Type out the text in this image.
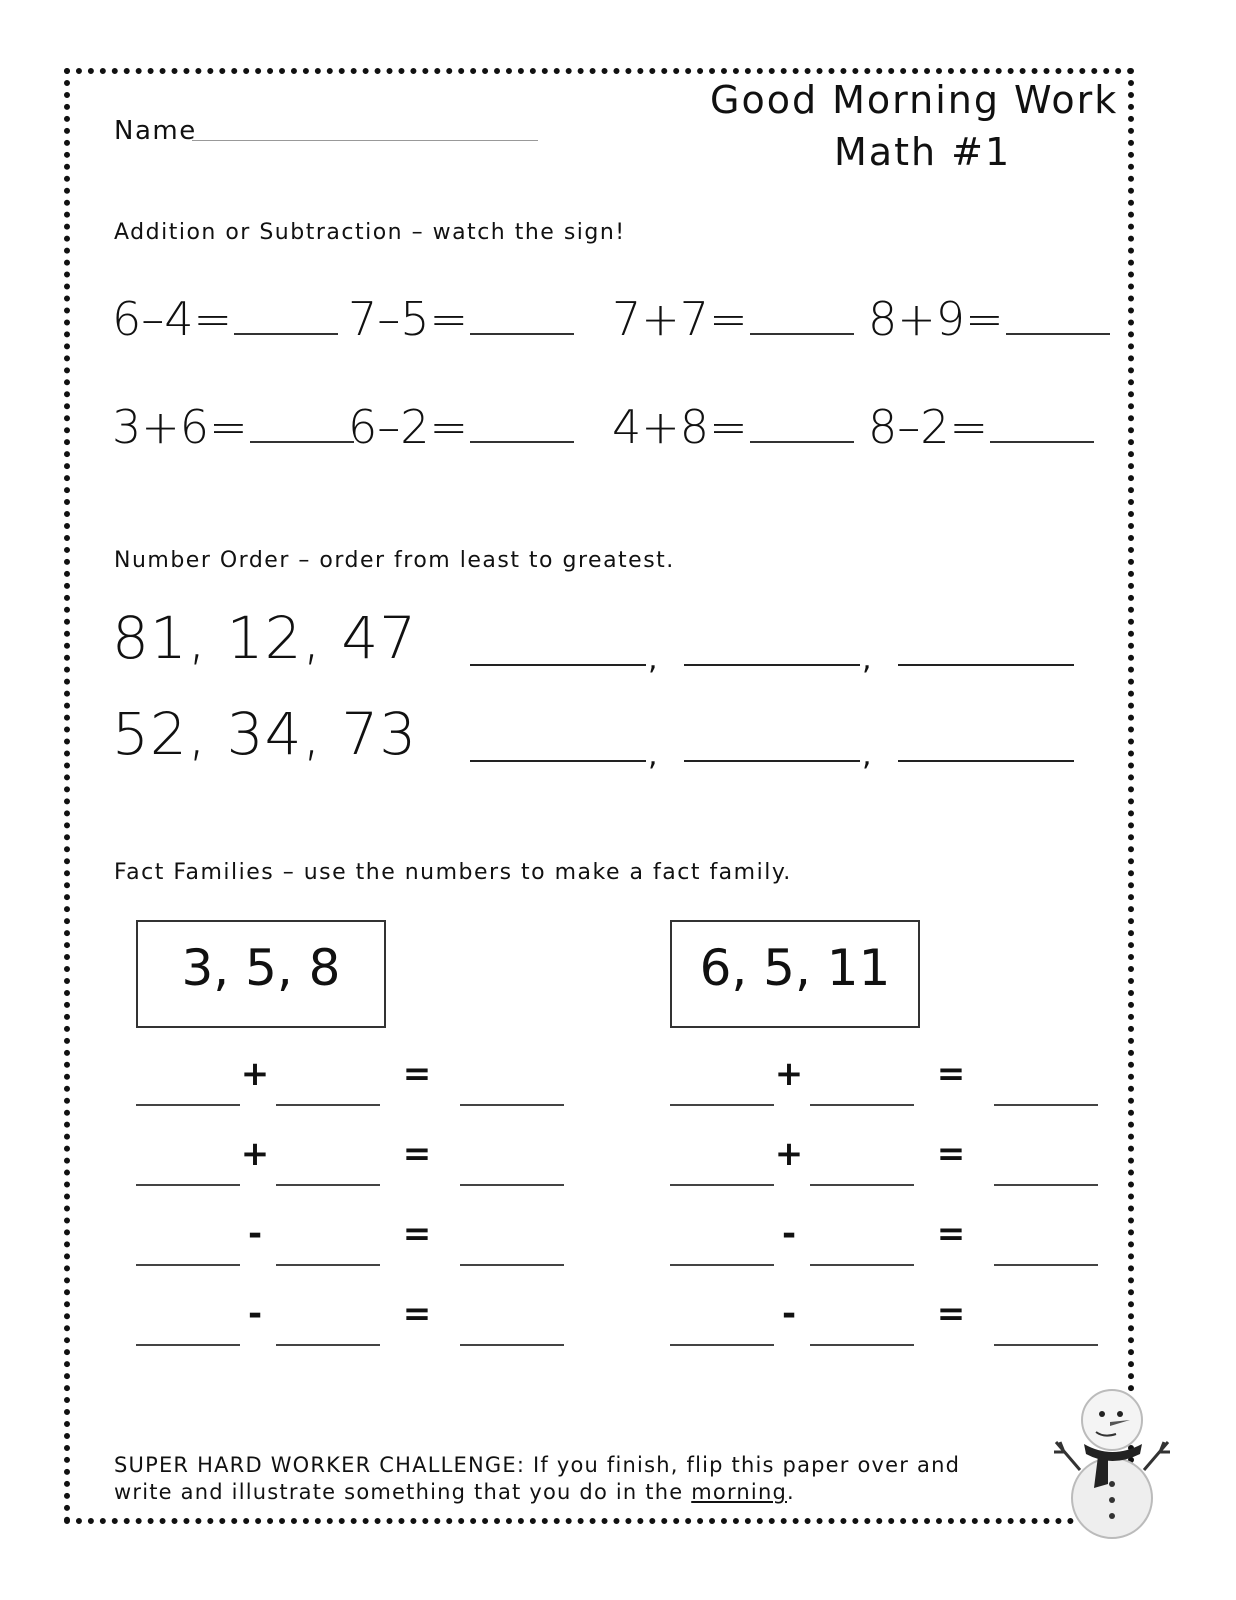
Name
Good Morning Work
Math #1
Addition or Subtraction – watch the sign!
6–4=	7–5=	7+7=	8+9=
3+6=	6–2=	4+8=	8–2=
Number Order – order from least to greatest.
81, 12, 47	,	,
52, 34, 73	,	,
Fact Families – use the numbers to make a fact family.
3, 5, 8	6, 5, 11
+	=
+	=
-	=
-	=
+	=
+	=
-	=
-	=
SUPER HARD WORKER CHALLENGE: If you finish, flip this paper over and
write and illustrate something that you do in the morning.
